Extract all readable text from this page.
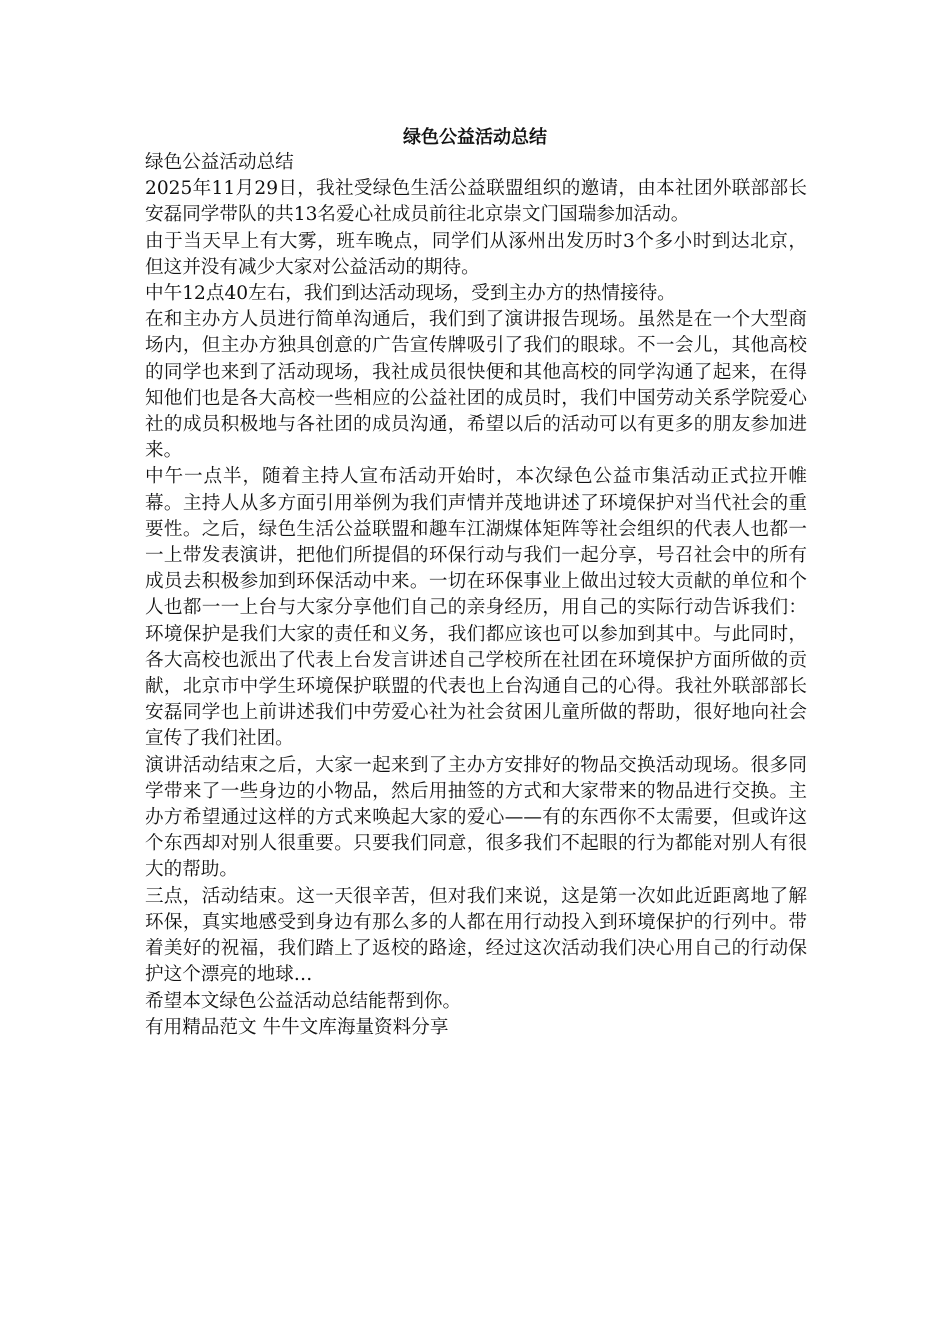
绿色公益活动总结

绿色公益活动总结

2025年11月29日，我社受绿色生活公益联盟组织的邀请，由本社团外联部部长安磊同学带队的共13名爱心社成员前往北京崇文门国瑞参加活动。

由于当天早上有大雾，班车晚点，同学们从涿州出发历时3个多小时到达北京，但这并没有减少大家对公益活动的期待。

中午12点40左右，我们到达活动现场，受到主办方的热情接待。

在和主办方人员进行简单沟通后，我们到了演讲报告现场。虽然是在一个大型商场内，但主办方独具创意的广告宣传牌吸引了我们的眼球。不一会儿，其他高校的同学也来到了活动现场，我社成员很快便和其他高校的同学沟通了起来，在得知他们也是各大高校一些相应的公益社团的成员时，我们中国劳动关系学院爱心社的成员积极地与各社团的成员沟通，希望以后的活动可以有更多的朋友参加进来。

中午一点半，随着主持人宣布活动开始时，本次绿色公益市集活动正式拉开帷幕。主持人从多方面引用举例为我们声情并茂地讲述了环境保护对当代社会的重要性。之后，绿色生活公益联盟和趣车江湖煤体矩阵等社会组织的代表人也都一一上带发表演讲，把他们所提倡的环保行动与我们一起分享，号召社会中的所有成员去积极参加到环保活动中来。一切在环保事业上做出过较大贡献的单位和个人也都一一上台与大家分享他们自己的亲身经历，用自己的实际行动告诉我们：环境保护是我们大家的责任和义务，我们都应该也可以参加到其中。与此同时，各大高校也派出了代表上台发言讲述自己学校所在社团在环境保护方面所做的贡献，北京市中学生环境保护联盟的代表也上台沟通自己的心得。我社外联部部长安磊同学也上前讲述我们中劳爱心社为社会贫困儿童所做的帮助，很好地向社会宣传了我们社团。

演讲活动结束之后，大家一起来到了主办方安排好的物品交换活动现场。很多同学带来了一些身边的小物品，然后用抽签的方式和大家带来的物品进行交换。主办方希望通过这样的方式来唤起大家的爱心——有的东西你不太需要，但或许这个东西却对别人很重要。只要我们同意，很多我们不起眼的行为都能对别人有很大的帮助。

三点，活动结束。这一天很辛苦，但对我们来说，这是第一次如此近距离地了解环保，真实地感受到身边有那么多的人都在用行动投入到环境保护的行列中。带着美好的祝福，我们踏上了返校的路途，经过这次活动我们决心用自己的行动保护这个漂亮的地球…

希望本文绿色公益活动总结能帮到你。

有用精品范文 牛牛文库海量资料分享
